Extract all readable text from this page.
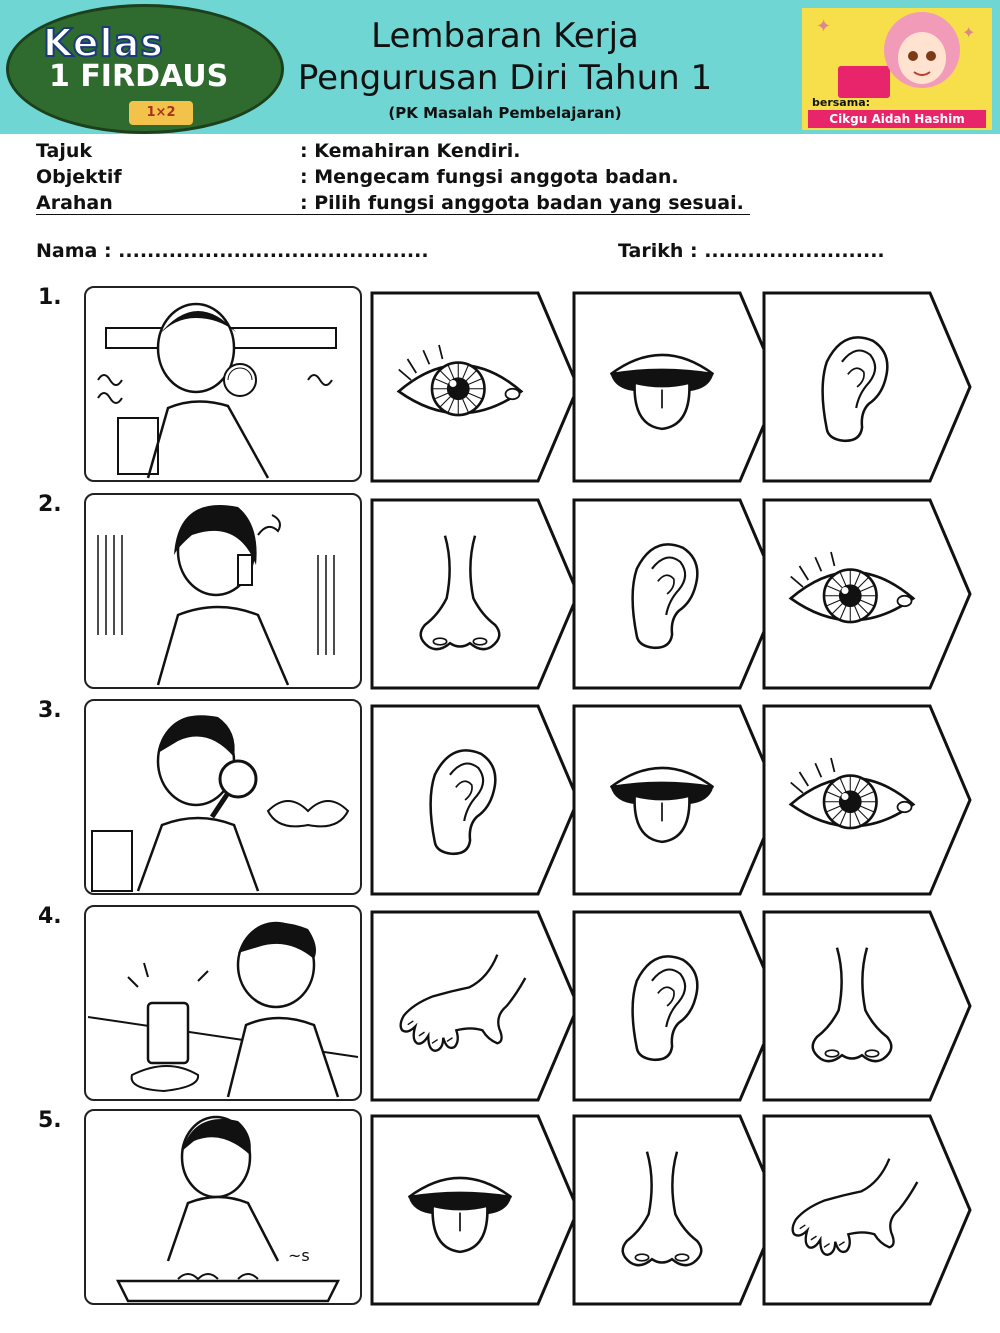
Kelas
1 FIRDAUS
1×2
Lembaran Kerja
Pengurusan Diri Tahun 1
(PK Masalah Pembelajaran)
✦	✦
bersama:
Cikgu Aidah Hashim
Tajuk	: Kemahiran Kendiri.
Objektif	: Mengecam fungsi anggota badan.
Arahan	: Pilih fungsi anggota badan yang sesuai.
Nama : ...........................................	Tarikh : .........................
1.
2.
3.
4.
5.
~s
